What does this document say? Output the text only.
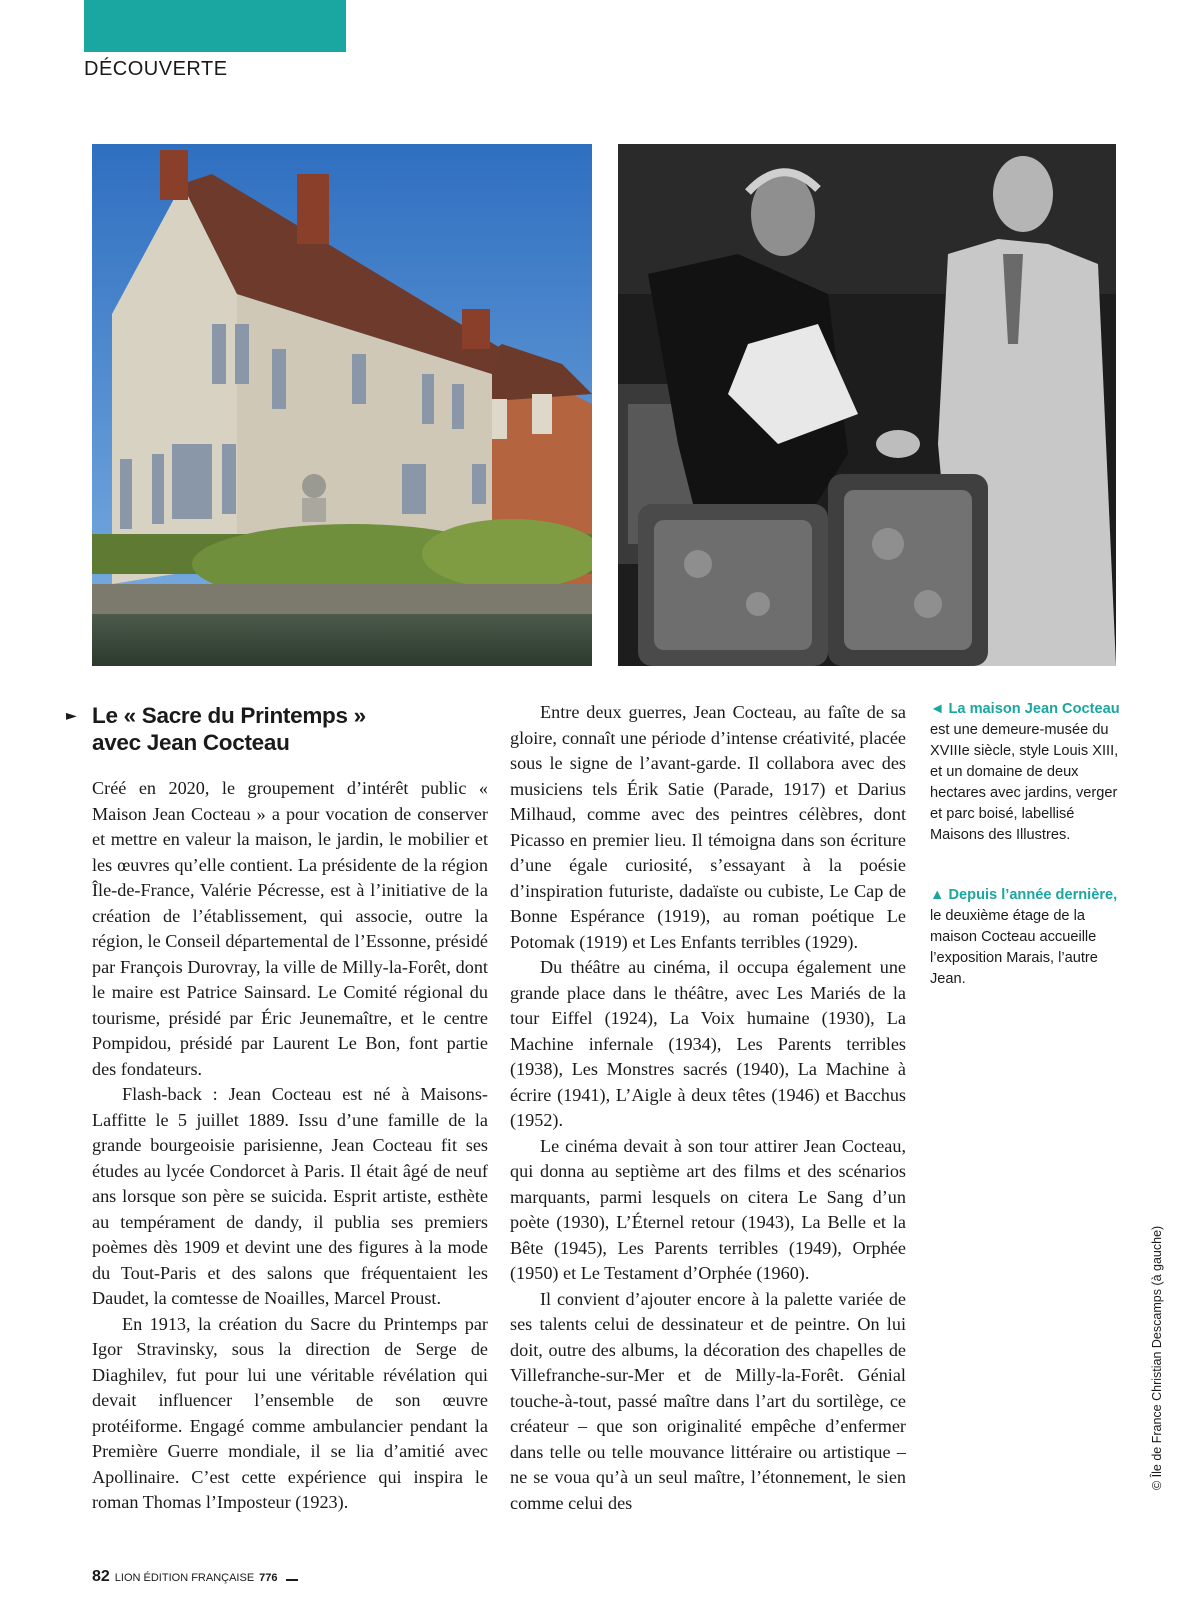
DÉCOUVERTE
► Le « Sacre du Printemps »
avec Jean Cocteau

Créé en 2020, le groupement d’intérêt public « Maison Jean Cocteau » a pour vocation de conserver et mettre en valeur la maison, le jardin, le mobilier et les œuvres qu’elle contient. La présidente de la région Île-de-France, Valérie Pécresse, est à l’initiative de la création de l’établissement, qui associe, outre la région, le Conseil départemental de l’Essonne, présidé par François Durovray, la ville de Milly-la-Forêt, dont le maire est Patrice Sainsard. Le Comité régional du tourisme, présidé par Éric Jeunemaître, et le centre Pompidou, présidé par Laurent Le Bon, font partie des fondateurs.

Flash-back : Jean Cocteau est né à Maisons-Laffitte le 5 juillet 1889. Issu d’une famille de la grande bourgeoisie parisienne, Jean Cocteau fit ses études au lycée Condorcet à Paris. Il était âgé de neuf ans lorsque son père se suicida. Esprit artiste, esthète au tempérament de dandy, il publia ses premiers poèmes dès 1909 et devint une des figures à la mode du Tout-Paris et des salons que fréquentaient les Daudet, la comtesse de Noailles, Marcel Proust.

En 1913, la création du Sacre du Printemps par Igor Stravinsky, sous la direction de Serge de Diaghilev, fut pour lui une véritable révélation qui devait influencer l’ensemble de son œuvre protéiforme. Engagé comme ambulancier pendant la Première Guerre mondiale, il se lia d’amitié avec Apollinaire. C’est cette expérience qui inspira le roman Thomas l’Imposteur (1923).

Entre deux guerres, Jean Cocteau, au faîte de sa gloire, connaît une période d’intense créativité, placée sous le signe de l’avant-garde. Il collabora avec des musiciens tels Érik Satie (Parade, 1917) et Darius Milhaud, comme avec des peintres célèbres, dont Picasso en premier lieu. Il témoigna dans son écriture d’une égale curiosité, s’essayant à la poésie d’inspiration futuriste, dadaïste ou cubiste, Le Cap de Bonne Espérance (1919), au roman poétique Le Potomak (1919) et Les Enfants terribles (1929).

Du théâtre au cinéma, il occupa également une grande place dans le théâtre, avec Les Mariés de la tour Eiffel (1924), La Voix humaine (1930), La Machine infernale (1934), Les Parents terribles (1938), Les Monstres sacrés (1940), La Machine à écrire (1941), L’Aigle à deux têtes (1946) et Bacchus (1952).

Le cinéma devait à son tour attirer Jean Cocteau, qui donna au septième art des films et des scénarios marquants, parmi lesquels on citera Le Sang d’un poète (1930), L’Éternel retour (1943), La Belle et la Bête (1945), Les Parents terribles (1949), Orphée (1950) et Le Testament d’Orphée (1960).

Il convient d’ajouter encore à la palette variée de ses talents celui de dessinateur et de peintre. On lui doit, outre des albums, la décoration des chapelles de Villefranche-sur-Mer et de Milly-la-Forêt. Génial touche-à-tout, passé maître dans l’art du sortilège, ce créateur – que son originalité empêche d’enfermer dans telle ou telle mouvance littéraire ou artistique – ne se voua qu’à un seul maître, l’étonnement, le sien comme celui des

◄ La maison Jean Cocteau est une demeure-musée du XVIIIe siècle, style Louis XIII, et un domaine de deux hectares avec jardins, verger et parc boisé, labellisé Maisons des Illustres.
▲ Depuis l’année dernière, le deuxième étage de la maison Cocteau accueille l’exposition Marais, l’autre Jean.
© Île de France Christian Descamps (à gauche)
82 LION ÉDITION FRANÇAISE 776
